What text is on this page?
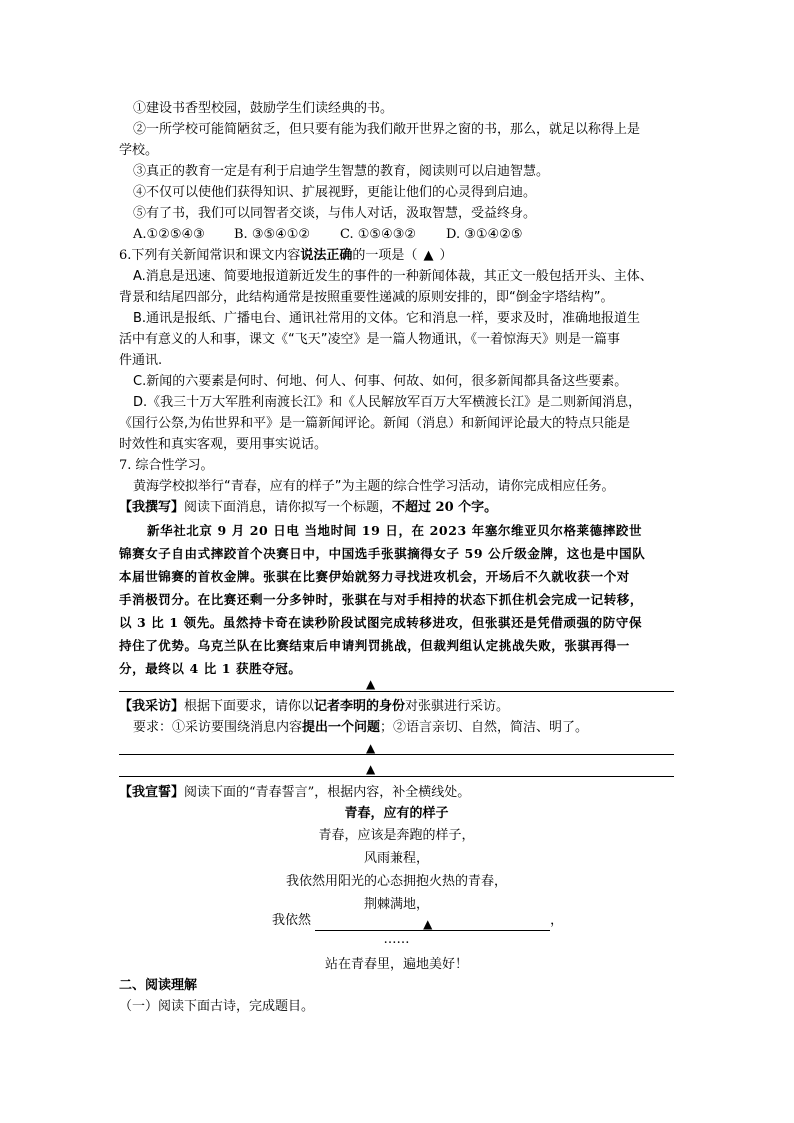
①建设书香型校园，鼓励学生们读经典的书。
②一所学校可能简陋贫乏，但只要有能为我们敞开世界之窗的书，那么，就足以称得上是
学校。
③真正的教育一定是有利于启迪学生智慧的教育，阅读则可以启迪智慧。
④不仅可以使他们获得知识、扩展视野，更能让他们的心灵得到启迪。
⑤有了书，我们可以同智者交谈，与伟人对话，汲取智慧，受益终身。
A.①②⑤④③ B. ③⑤④①② C. ①⑤④③② D. ③①④②⑤
6.下列有关新闻常识和课文内容说法正确的一项是（ ▲ ）
A.消息是迅速、简要地报道新近发生的事件的一种新闻体裁，其正文一般包括开头、主体、
背景和结尾四部分，此结构通常是按照重要性递减的原则安排的，即“倒金字塔结构”。
B.通讯是报纸、广播电台、通讯社常用的文体。它和消息一样，要求及时，准确地报道生
活中有意义的人和事，课文《“飞天”凌空》是一篇人物通讯，《一着惊海天》则是一篇事
件通讯.
C.新闻的六要素是何时、何地、何人、何事、何故、如何，很多新闻都具备这些要素。
D.《我三十万大军胜利南渡长江》和《人民解放军百万大军横渡长江》是二则新闻消息，
《国行公祭,为佑世界和平》是一篇新闻评论。新闻（消息）和新闻评论最大的特点只能是
时效性和真实客观，要用事实说话。
7. 综合性学习。
黄海学校拟举行“青春，应有的样子”为主题的综合性学习活动，请你完成相应任务。
【我撰写】阅读下面消息，请你拟写一个标题，不超过 20 个字。
新华社北京 9 月 20 日电 当地时间 19 日，在 2023 年塞尔维亚贝尔格莱德摔跤世
锦赛女子自由式摔跤首个决赛日中，中国选手张骐摘得女子 59 公斤级金牌，这也是中国队
本届世锦赛的首枚金牌。张骐在比赛伊始就努力寻找进攻机会，开场后不久就收获一个对
手消极罚分。在比赛还剩一分多钟时，张骐在与对手相持的状态下抓住机会完成一记转移，
以 3 比 1 领先。虽然持卡奇在读秒阶段试图完成转移进攻，但张骐还是凭借顽强的防守保
持住了优势。乌克兰队在比赛结束后申请判罚挑战，但裁判组认定挑战失败，张骐再得一
分，最终以 4 比 1 获胜夺冠。
▲
【我采访】根据下面要求，请你以记者李明的身份对张骐进行采访。
要求：①采访要围绕消息内容提出一个问题；②语言亲切、自然，简洁、明了。
▲
▲
【我宣誓】阅读下面的“青春誓言”，根据内容，补全横线处。
青春，应有的样子
青春，应该是奔跑的样子，
风雨兼程，
我依然用阳光的心态拥抱火热的青春，
荆棘满地，
我依然	▲	，
……
站在青春里，遍地美好！
二、阅读理解
（一）阅读下面古诗，完成题目。
